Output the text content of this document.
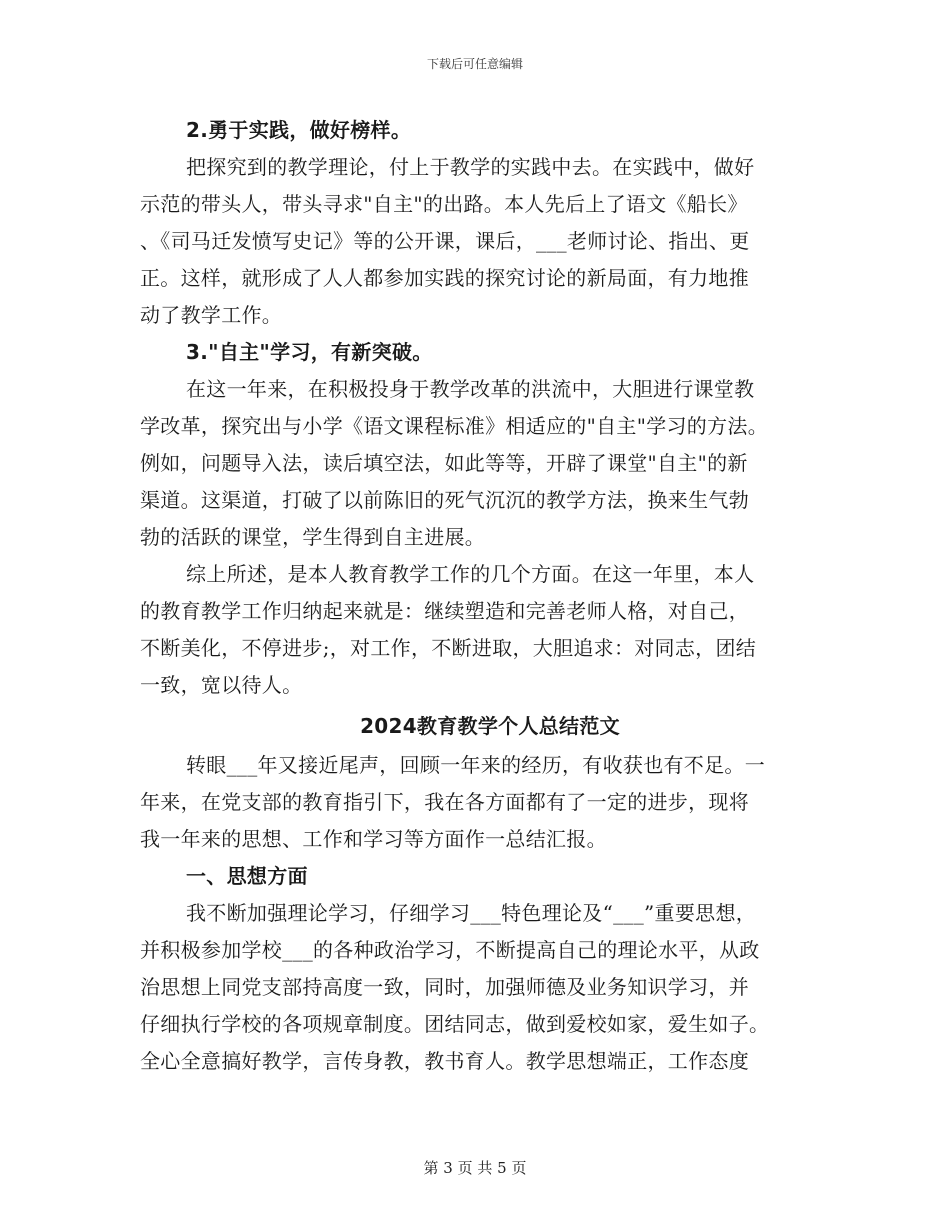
下载后可任意编辑
2.勇于实践，做好榜样。
把探究到的教学理论，付上于教学的实践中去。在实践中，做好
示范的带头人，带头寻求"自主"的出路。本人先后上了语文《船长》
、《司马迁发愤写史记》等的公开课，课后，___老师讨论、指出、更
正。这样，就形成了人人都参加实践的探究讨论的新局面，有力地推
动了教学工作。
3."自主"学习，有新突破。
在这一年来，在积极投身于教学改革的洪流中，大胆进行课堂教
学改革，探究出与小学《语文课程标准》相适应的"自主"学习的方法。
例如，问题导入法，读后填空法，如此等等，开辟了课堂"自主"的新
渠道。这渠道，打破了以前陈旧的死气沉沉的教学方法，换来生气勃
勃的活跃的课堂，学生得到自主进展。
综上所述，是本人教育教学工作的几个方面。在这一年里，本人
的教育教学工作归纳起来就是：继续塑造和完善老师人格，对自己，
不断美化，不停进步;，对工作，不断进取，大胆追求：对同志，团结
一致，宽以待人。
2024教育教学个人总结范文
转眼___年又接近尾声，回顾一年来的经历，有收获也有不足。一
年来，在党支部的教育指引下，我在各方面都有了一定的进步，现将
我一年来的思想、工作和学习等方面作一总结汇报。
一、思想方面
我不断加强理论学习，仔细学习___特色理论及“___”重要思想，
并积极参加学校___的各种政治学习，不断提高自己的理论水平，从政
治思想上同党支部持高度一致，同时，加强师德及业务知识学习，并
仔细执行学校的各项规章制度。团结同志，做到爱校如家，爱生如子。
全心全意搞好教学，言传身教，教书育人。教学思想端正，工作态度
第 3 页 共 5 页
